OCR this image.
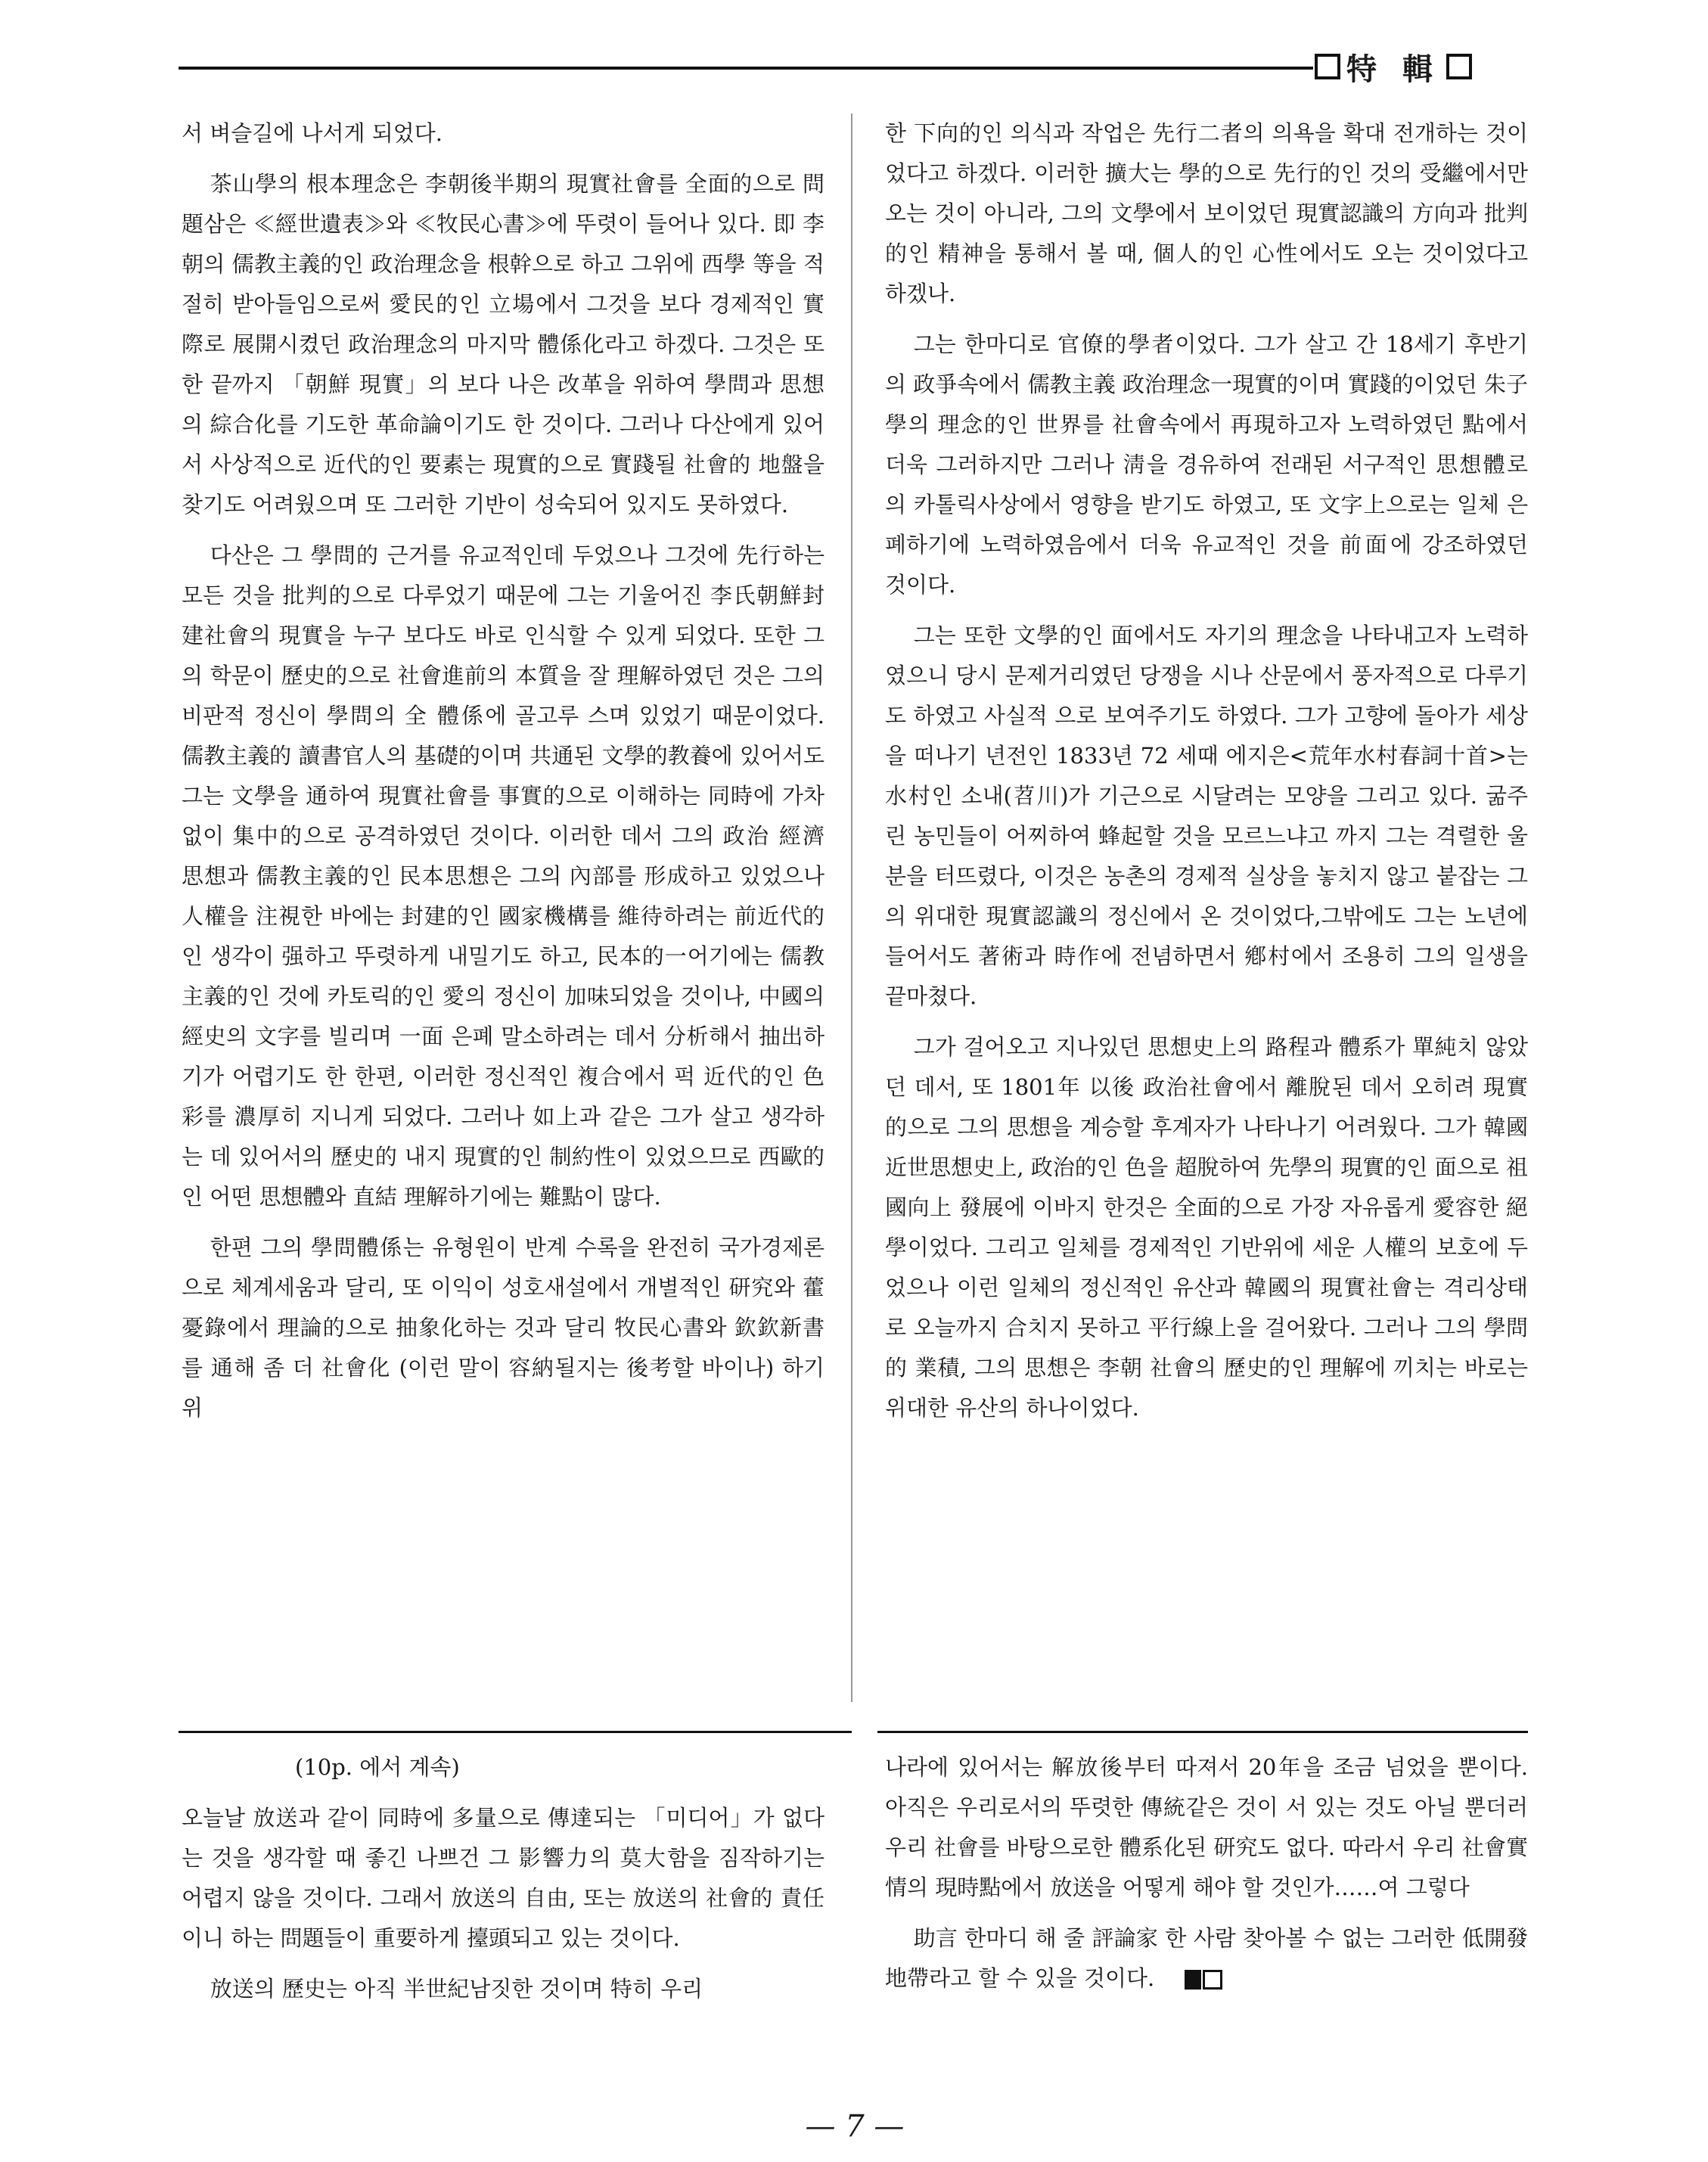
特 輯

서 벼슬길에 나서게 되었다.

茶山學의 根本理念은 李朝後半期의 現實社會를 全面的으로 問題삼은 ≪經世遺表≫와 ≪牧民心書≫에 뚜렷이 들어나 있다. 即 李朝의 儒教主義的인 政治理念을 根幹으로 하고 그위에 西學 等을 적절히 받아들임으로써 愛民的인 立場에서 그것을 보다 경제적인 實際로 展開시켰던 政治理念의 마지막 體係化라고 하겠다. 그것은 또한 끝까지 「朝鮮 現實」의 보다 나은 改革을 위하여 學問과 思想의 綜合化를 기도한 革命論이기도 한 것이다. 그러나 다산에게 있어서 사상적으로 近代的인 要素는 現實的으로 實踐될 社會的 地盤을 찾기도 어려웠으며 또 그러한 기반이 성숙되어 있지도 못하였다.

다산은 그 學問的 근거를 유교적인데 두었으나 그것에 先行하는 모든 것을 批判的으로 다루었기 때문에 그는 기울어진 李氏朝鮮封建社會의 現實을 누구 보다도 바로 인식할 수 있게 되었다. 또한 그의 학문이 歷史的으로 社會進前의 本質을 잘 理解하였던 것은 그의 비판적 정신이 學問의 全 體係에 골고루 스며 있었기 때문이었다. 儒教主義的 讀書官人의 基礎的이며 共通된 文學的教養에 있어서도 그는 文學을 通하여 現實社會를 事實的으로 이해하는 同時에 가차없이 集中的으로 공격하였던 것이다. 이러한 데서 그의 政治 經濟 思想과 儒教主義的인 民本思想은 그의 內部를 形成하고 있었으나 人權을 注視한 바에는 封建的인 國家機構를 維待하려는 前近代的인 생각이 强하고 뚜렷하게 내밀기도 하고, 民本的一어기에는 儒教主義的인 것에 카토릭的인 愛의 정신이 加味되었을 것이나, 中國의 經史의 文字를 빌리며 一面 은폐 말소하려는 데서 分析해서 抽出하기가 어렵기도 한 한편, 이러한 정신적인 複合에서 퍽 近代的인 色彩를 濃厚히 지니게 되었다. 그러나 如上과 같은 그가 살고 생각하는 데 있어서의 歷史的 내지 現實的인 制約性이 있었으므로 西歐的인 어떤 思想體와 直結 理解하기에는 難點이 많다.

한편 그의 學問體係는 유형원이 반계 수록을 완전히 국가경제론으로 체계세움과 달리, 또 이익이 성호새설에서 개별적인 研究와 藿憂錄에서 理論的으로 抽象化하는 것과 달리 牧民心書와 欽欽新書를 通해 좀 더 社會化 (이런 말이 容納될지는 後考할 바이나) 하기 위

한 下向的인 의식과 작업은 先行二者의 의욕을 확대 전개하는 것이었다고 하겠다. 이러한 擴大는 學的으로 先行的인 것의 受繼에서만 오는 것이 아니라, 그의 文學에서 보이었던 現實認識의 方向과 批判的인 精神을 통해서 볼 때, 個人的인 心性에서도 오는 것이었다고 하겠나.

그는 한마디로 官僚的學者이었다. 그가 살고 간 18세기 후반기의 政爭속에서 儒教主義 政治理念一現實的이며 實踐的이었던 朱子學의 理念的인 世界를 社會속에서 再現하고자 노력하였던 點에서 더욱 그러하지만 그러나 淸을 경유하여 전래된 서구적인 思想體로의 카톨릭사상에서 영향을 받기도 하였고, 또 文字上으로는 일체 은폐하기에 노력하였음에서 더욱 유교적인 것을 前面에 강조하였던 것이다.

그는 또한 文學的인 面에서도 자기의 理念을 나타내고자 노력하였으니 당시 문제거리였던 당쟁을 시나 산문에서 풍자적으로 다루기도 하였고 사실적 으로 보여주기도 하였다. 그가 고향에 돌아가 세상을 떠나기 년전인 1833년 72 세때 에지은<荒年水村春詞十首>는 水村인 소내(苕川)가 기근으로 시달려는 모양을 그리고 있다. 굶주린 농민들이 어찌하여 蜂起할 것을 모르느냐고 까지 그는 격렬한 울분을 터뜨렸다, 이것은 농촌의 경제적 실상을 놓치지 않고 붙잡는 그의 위대한 現實認識의 정신에서 온 것이었다,그밖에도 그는 노년에들어서도 著術과 時作에 전념하면서 鄕村에서 조용히 그의 일생을 끝마쳤다.

그가 걸어오고 지나있던 思想史上의 路程과 體系가 單純치 않았던 데서, 또 1801年 以後 政治社會에서 離脫된 데서 오히려 現實的으로 그의 思想을 계승할 후계자가 나타나기 어려웠다. 그가 韓國近世思想史上, 政治的인 色을 超脫하여 先學의 現實的인 面으로 祖國向上 發展에 이바지 한것은 全面的으로 가장 자유롭게 愛容한 絕學이었다. 그리고 일체를 경제적인 기반위에 세운 人權의 보호에 두었으나 이런 일체의 정신적인 유산과 韓國의 現實社會는 격리상태로 오늘까지 合치지 못하고 平行線上을 걸어왔다. 그러나 그의 學問的 業積, 그의 思想은 李朝 社會의 歷史的인 理解에 끼치는 바로는 위대한 유산의 하나이었다.

(10p. 에서 계속)

오늘날 放送과 같이 同時에 多量으로 傳達되는 「미디어」가 없다는 것을 생각할 때 좋긴 나쁘건 그 影響力의 莫大함을 짐작하기는 어렵지 않을 것이다. 그래서 放送의 自由, 또는 放送의 社會的 責任이니 하는 問題들이 重要하게 擡頭되고 있는 것이다.

放送의 歷史는 아직 半世紀남짓한 것이며 特히 우리

나라에 있어서는 解放後부터 따져서 20年을 조금 넘었을 뿐이다. 아직은 우리로서의 뚜렷한 傳統같은 것이 서 있는 것도 아닐 뿐더러 우리 社會를 바탕으로한 體系化된 研究도 없다. 따라서 우리 社會實情의 現時點에서 放送을 어떻게 해야 할 것인가……여 그렇다

助言 한마디 해 줄 評論家 한 사람 찾아볼 수 없는 그러한 低開發地帶라고 할 수 있을 것이다.

— 7 —
